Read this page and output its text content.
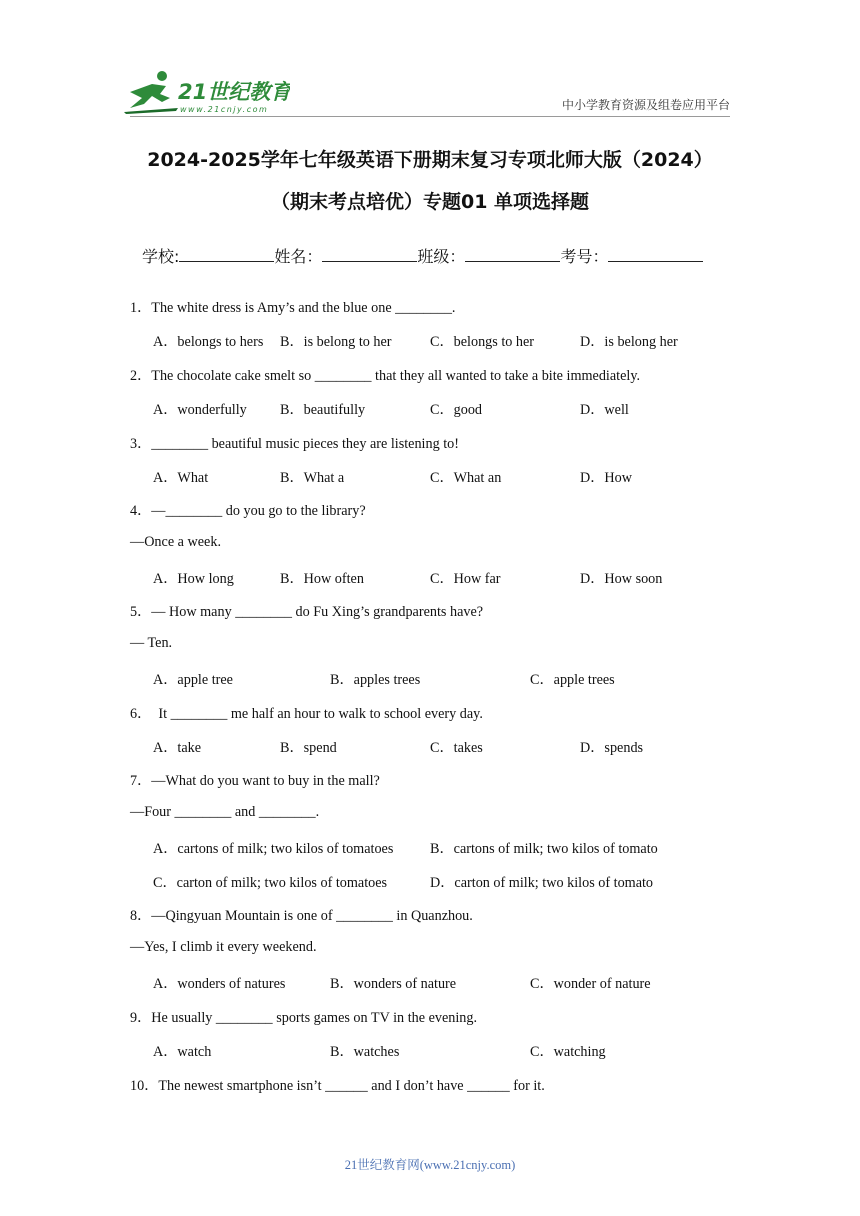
21世纪教育
www.21cnjy.com	中小学教育资源及组卷应用平台
2024-2025学年七年级英语下册期末复习专项北师大版（2024）
（期末考点培优）专题01 单项选择题
学校:	姓名：	班级：	考号：
1．The white dress is Amy’s and the blue one ________.
A．belongs to hers B．is belong to her	C．belongs to her	D．is belong her
2．The chocolate cake smelt so ________ that they all wanted to take a bite immediately.
A．wonderfully B．beautifully	C．good	D．well
3．________ beautiful music pieces they are listening to!
A．What	B．What a	C．What an	D．How
4．—________ do you go to the library?
—Once a week.
A．How long	B．How often	C．How far	D．How soon
5．— How many ________ do Fu Xing’s grandparents have?
— Ten.
A．apple tree	B．apples trees	C．apple trees
6．  It ________ me half an hour to walk to school every day.
A．take	B．spend	C．takes	D．spends
7．—What do you want to buy in the mall?
—Four ________ and ________.
A．cartons of milk; two kilos of tomatoes	B．cartons of milk; two kilos of tomato
C．carton of milk; two kilos of tomatoes	D．carton of milk; two kilos of tomato
8．—Qingyuan Mountain is one of ________ in Quanzhou.
—Yes, I climb it every weekend.
A．wonders of natures	B．wonders of nature	C．wonder of nature
9．He usually ________ sports games on TV in the evening.
A．watch	B．watches	C．watching
10．The newest smartphone isn’t ______ and I don’t have ______ for it.
21世纪教育网(www.21cnjy.com)
